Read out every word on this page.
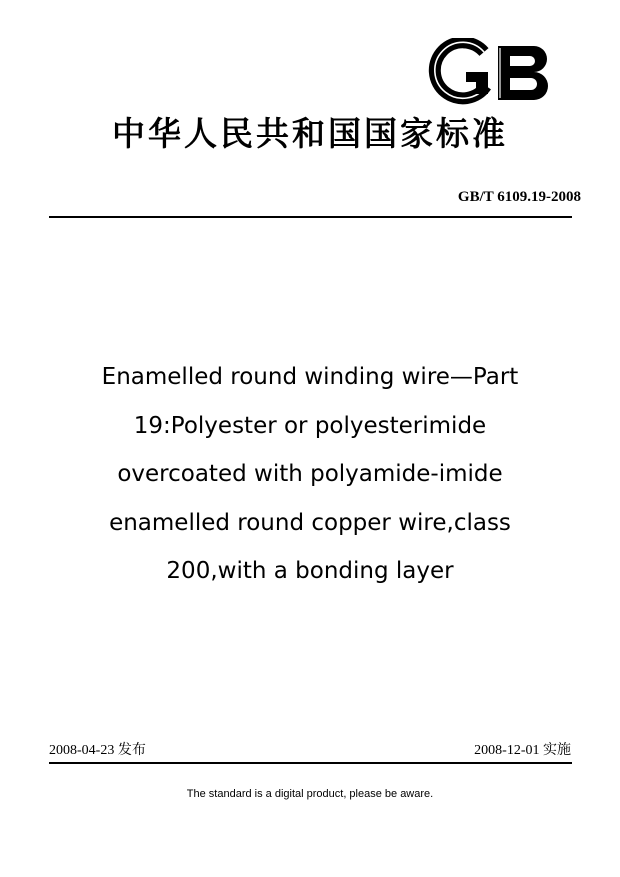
中华人民共和国国家标准
GB/T 6109.19-2008
Enamelled round winding wire—Part
19:Polyester or polyesterimide
overcoated with polyamide-imide
enamelled round copper wire,class
200,with a bonding layer
2008-04-23 发布	2008-12-01 实施
The standard is a digital product, please be aware.
